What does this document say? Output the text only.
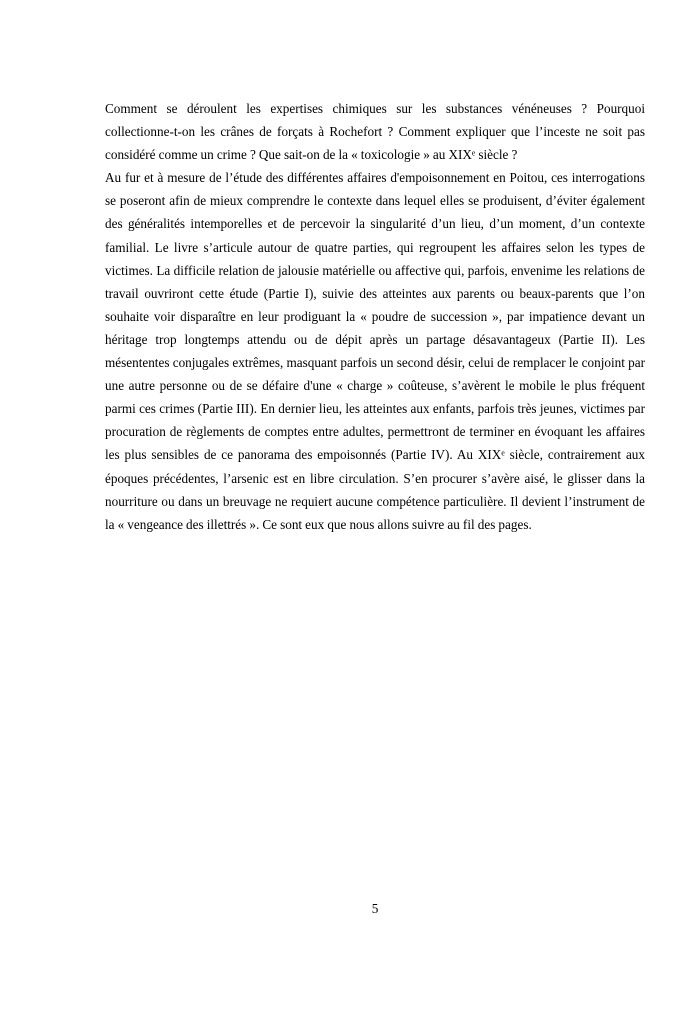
Comment se déroulent les expertises chimiques sur les substances vénéneuses ? Pourquoi collectionne-t-on les crânes de forçats à Rochefort ? Comment expliquer que l’inceste ne soit pas considéré comme un crime ? Que sait-on de la « toxicologie » au XIXᵉ siècle ?

Au fur et à mesure de l’étude des différentes affaires d'empoisonnement en Poitou, ces interrogations se poseront afin de mieux comprendre le contexte dans lequel elles se produisent, d’éviter également des généralités intemporelles et de percevoir la singularité d’un lieu, d’un moment, d’un contexte familial. Le livre s’articule autour de quatre parties, qui regroupent les affaires selon les types de victimes. La difficile relation de jalousie matérielle ou affective qui, parfois, envenime les relations de travail ouvriront cette étude (Partie I), suivie des atteintes aux parents ou beaux-parents que l’on souhaite voir disparaître en leur prodiguant la « poudre de succession », par impatience devant un héritage trop longtemps attendu ou de dépit après un partage désavantageux (Partie II). Les mésententes conjugales extrêmes, masquant parfois un second désir, celui de remplacer le conjoint par une autre personne ou de se défaire d'une « charge » coûteuse, s’avèrent le mobile le plus fréquent parmi ces crimes (Partie III). En dernier lieu, les atteintes aux enfants, parfois très jeunes, victimes par procuration de règlements de comptes entre adultes, permettront de terminer en évoquant les affaires les plus sensibles de ce panorama des empoisonnés (Partie IV). Au XIXᵉ siècle, contrairement aux époques précédentes, l’arsenic est en libre circulation. S’en procurer s’avère aisé, le glisser dans la nourriture ou dans un breuvage ne requiert aucune compétence particulière. Il devient l’instrument de la « vengeance des illettrés ». Ce sont eux que nous allons suivre au fil des pages.

5
